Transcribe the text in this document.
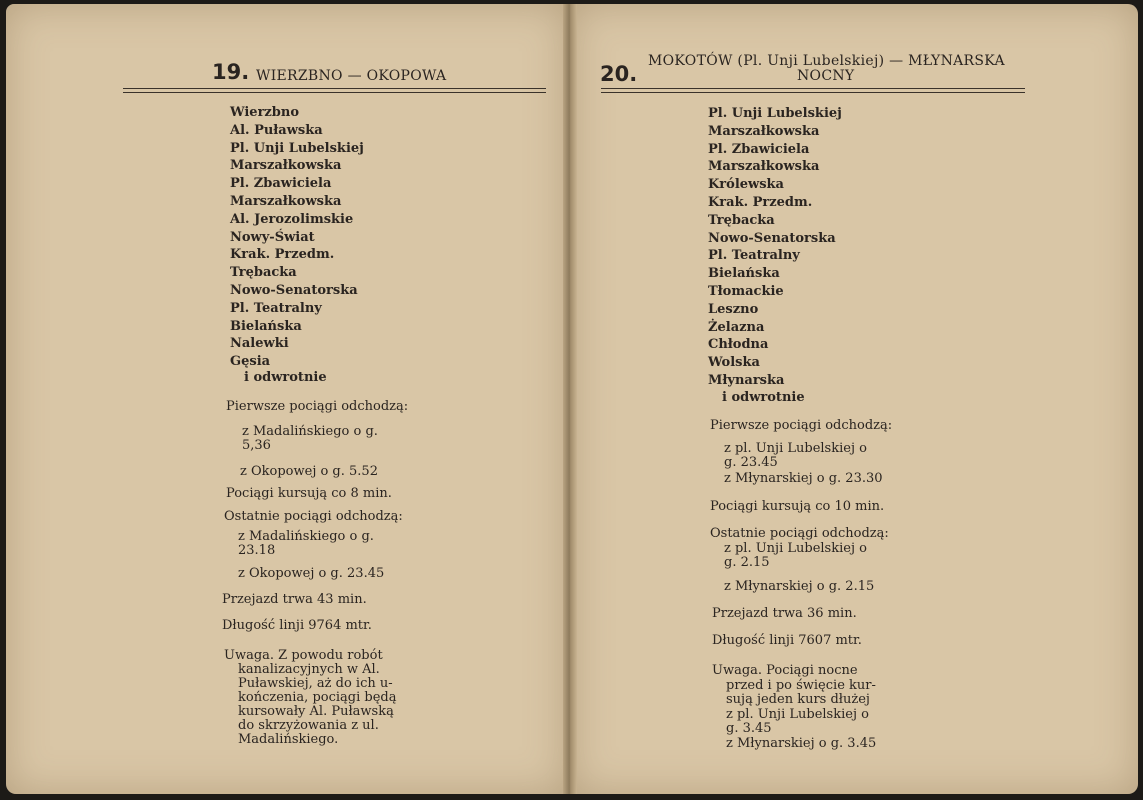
19. WIERZBNO — OKOPOWA
Wierzbno
Al. Puławska
Pl. Unji Lubelskiej
Marszałkowska
Pl. Zbawiciela
Marszałkowska
Al. Jerozolimskie
Nowy-Świat
Krak. Przedm.
Trębacka
Nowo-Senatorska
Pl. Teatralny
Bielańska
Nalewki
Gęsia
i odwrotnie
Pierwsze pociągi odchodzą:
z Madalińskiego o g.
5,36
z Okopowej o g. 5.52
Pociągi kursują co 8 min.
Ostatnie pociągi odchodzą:
z Madalińskiego o g.
23.18
z Okopowej o g. 23.45
Przejazd trwa 43 min.
Długość linji 9764 mtr.
Uwaga. Z powodu robót
kanalizacyjnych w Al.
Puławskiej, aż do ich u-
kończenia, pociągi będą
kursowały Al. Puławską
do skrzyżowania z ul.
Madalińskiego.
20.
MOKOTÓW (Pl. Unji Lubelskiej) — MŁYNARSKA
NOCNY
Pl. Unji Lubelskiej
Marszałkowska
Pl. Zbawiciela
Marszałkowska
Królewska
Krak. Przedm.
Trębacka
Nowo-Senatorska
Pl. Teatralny
Bielańska
Tłomackie
Leszno
Żelazna
Chłodna
Wolska
Młynarska
i odwrotnie
Pierwsze pociągi odchodzą:
z pl. Unji Lubelskiej o
g. 23.45
z Młynarskiej o g. 23.30
Pociągi kursują co 10 min.
Ostatnie pociągi odchodzą:
z pl. Unji Lubelskiej o
g. 2.15
z Młynarskiej o g. 2.15
Przejazd trwa 36 min.
Długość linji 7607 mtr.
Uwaga. Pociągi nocne
przed i po święcie kur-
sują jeden kurs dłużej
z pl. Unji Lubelskiej o
g. 3.45
z Młynarskiej o g. 3.45
